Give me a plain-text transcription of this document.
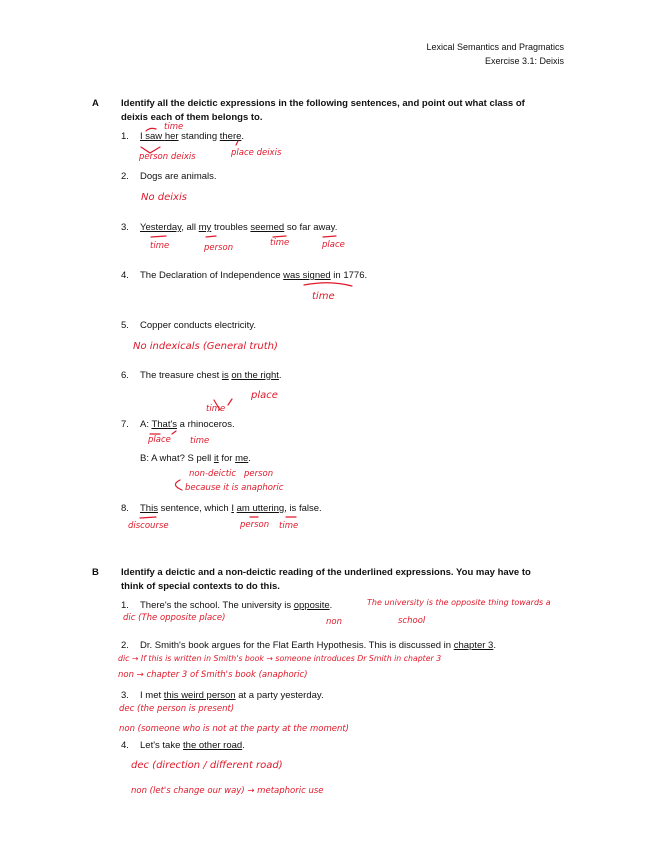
Lexical Semantics and Pragmatics
Exercise 3.1: Deixis
A Identify all the deictic expressions in the following sentences, and point out what class of deixis each of them belongs to.
1. I saw her standing there.
2. Dogs are animals.
3. Yesterday, all my troubles seemed so far away.
4. The Declaration of Independence was signed in 1776.
5. Copper conducts electricity.
6. The treasure chest is on the right.
7. A: That's a rhinoceros.
B: A what? S pell it for me.
8. This sentence, which I am uttering, is false.
B Identify a deictic and a non-deictic reading of the underlined expressions. You may have to think of special contexts to do this.
1. There's the school. The university is opposite.
2. Dr. Smith's book argues for the Flat Earth Hypothesis. This is discussed in chapter 3.
3. I met this weird person at a party yesterday.
4. Let's take the other road.
time
person deixis	place deixis
No deixis
time	person	time	place
time
No indexicals (General truth)
place
time
place time
non-deictic person
because it is anaphoric
discourse	person time
The university is the opposite thing towards a
dic (The opposite place)	non	school
dic → If this is written in Smith's book → someone introduces Dr Smith in chapter 3
non → chapter 3 of Smith's book (anaphoric)
dec (the person is present)
non (someone who is not at the party at the moment)
dec (direction / different road)
non (let's change our way) → metaphoric use
